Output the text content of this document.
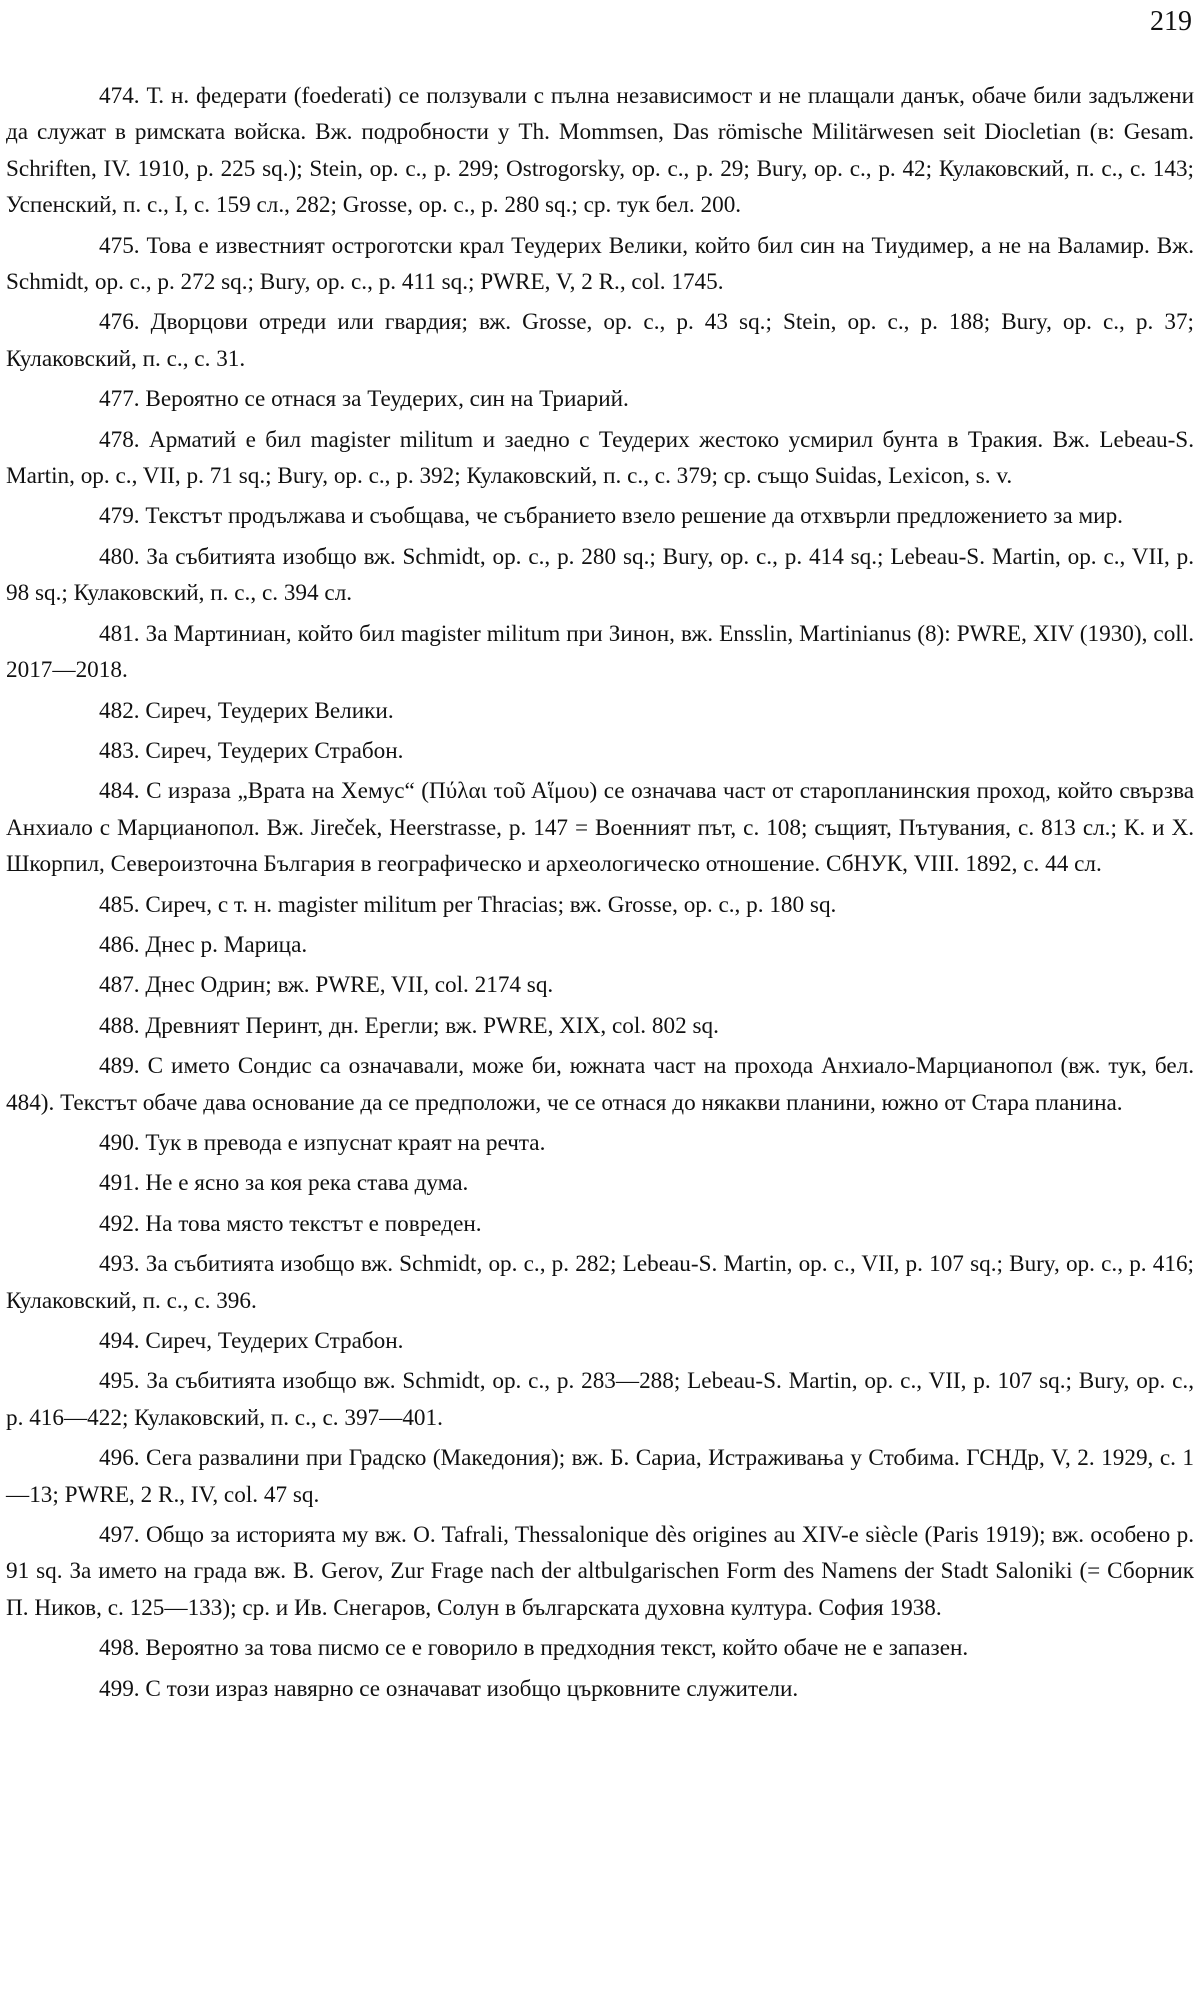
219

474. Т. н. федерати (foederati) се ползували с пълна независимост и не плащали данък, обаче били задължени да служат в римската войска. Вж. подробности у Th. Mommsen, Das römische Militärwesen seit Diocletian (в: Gesam. Schriften, IV. 1910, p. 225 sq.); Stein, op. c., p. 299; Ostrogorsky, op. c., p. 29; Bury, op. c., p. 42; Кулаковский, п. с., с. 143; Успенский, п. с., I, с. 159 сл., 282; Grosse, op. c., p. 280 sq.; ср. тук бел. 200.

475. Това е известният остроготски крал Теудерих Велики, който бил син на Тиудимер, а не на Валамир. Вж. Schmidt, op. c., p. 272 sq.; Bury, op. c., p. 411 sq.; PWRE, V, 2 R., col. 1745.

476. Дворцови отреди или гвардия; вж. Grosse, op. c., p. 43 sq.; Stein, op. c., p. 188; Bury, op. c., p. 37; Кулаковский, п. с., с. 31.

477. Вероятно се отнася за Теудерих, син на Триарий.

478. Арматий е бил magister militum и заедно с Теудерих жестоко усмирил бунта в Тракия. Вж. Lebeau-S. Martin, op. c., VII, p. 71 sq.; Bury, op. c., p. 392; Кулаковский, п. с., с. 379; ср. също Suidas, Lexicon, s. v.

479. Текстът продължава и съобщава, че събранието взело решение да отхвърли предложението за мир.

480. За събитията изобщо вж. Schmidt, op. c., p. 280 sq.; Bury, op. c., p. 414 sq.; Lebeau-S. Martin, op. c., VII, p. 98 sq.; Кулаковский, п. с., с. 394 сл.

481. За Мартиниан, който бил magister militum при Зинон, вж. Ensslin, Martinianus (8): PWRE, XIV (1930), coll. 2017—2018.

482. Сиреч, Теудерих Велики.

483. Сиреч, Теудерих Страбон.

484. С израза „Врата на Хемус“ (Πύλαι τοῦ Αἵμου) се означава част от старопланинския проход, който свързва Анхиало с Марцианопол. Вж. Jireček, Heerstrasse, p. 147 = Военният път, с. 108; същият, Пътувания, с. 813 сл.; К. и Х. Шкорпил, Североизточна България в географическо и археологическо отношение. СбНУК, VIII. 1892, с. 44 сл.

485. Сиреч, с т. н. magister militum per Thracias; вж. Grosse, op. c., p. 180 sq.

486. Днес р. Марица.

487. Днес Одрин; вж. PWRE, VII, col. 2174 sq.

488. Древният Перинт, дн. Ерегли; вж. PWRE, XIX, col. 802 sq.

489. С името Сондис са означавали, може би, южната част на прохода Анхиало-Марцианопол (вж. тук, бел. 484). Текстът обаче дава основание да се предположи, че се отнася до някакви планини, южно от Стара планина.

490. Тук в превода е изпуснат краят на речта.

491. Не е ясно за коя река става дума.

492. На това място текстът е повреден.

493. За събитията изобщо вж. Schmidt, op. c., p. 282; Lebeau-S. Martin, op. c., VII, p. 107 sq.; Bury, op. c., p. 416; Кулаковский, п. с., с. 396.

494. Сиреч, Теудерих Страбон.

495. За събитията изобщо вж. Schmidt, op. c., p. 283—288; Lebeau-S. Martin, op. c., VII, p. 107 sq.; Bury, op. c., p. 416—422; Кулаковский, п. с., с. 397—401.

496. Сега развалини при Градско (Македония); вж. Б. Сариа, Истраживања у Стобима. ГСНДр, V, 2. 1929, с. 1—13; PWRE, 2 R., IV, col. 47 sq.

497. Общо за историята му вж. O. Tafrali, Thessalonique dès origines au XIV-e siècle (Paris 1919); вж. особено p. 91 sq. За името на града вж. B. Gerov, Zur Frage nach der altbulgarischen Form des Namens der Stadt Saloniki (= Сборник П. Ников, с. 125—133); ср. и Ив. Снегаров, Солун в българската духовна култура. София 1938.

498. Вероятно за това писмо се е говорило в предходния текст, който обаче не е запазен.

499. С този израз навярно се означават изобщо църковните служители.
